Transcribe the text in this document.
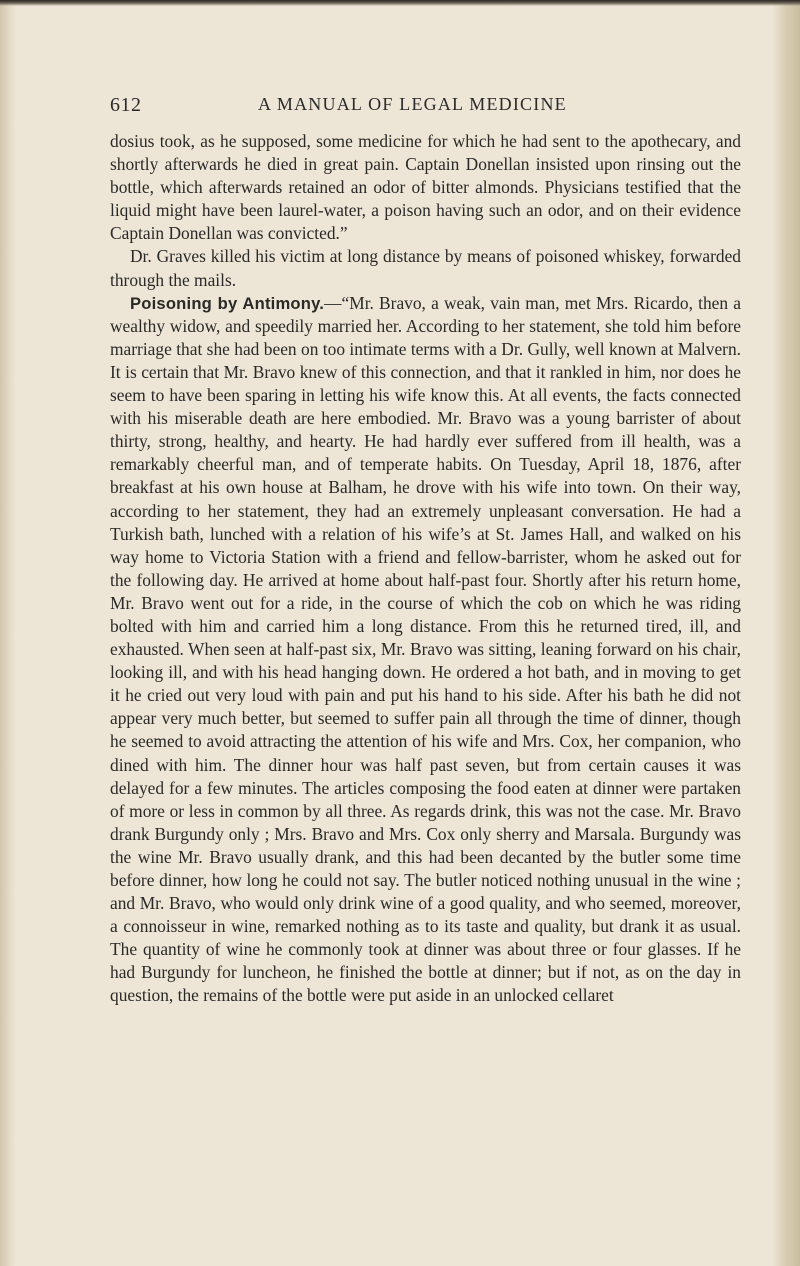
612	A MANUAL OF LEGAL MEDICINE

dosius took, as he supposed, some medicine for which he had sent to the apothecary, and shortly afterwards he died in great pain. Captain Donellan insisted upon rinsing out the bottle, which afterwards retained an odor of bitter almonds. Physicians testified that the liquid might have been laurel-water, a poison having such an odor, and on their evidence Captain Donellan was convicted.”

Dr. Graves killed his victim at long distance by means of poisoned whiskey, forwarded through the mails.

Poisoning by Antimony.—“Mr. Bravo, a weak, vain man, met Mrs. Ricardo, then a wealthy widow, and speedily married her. According to her statement, she told him before marriage that she had been on too intimate terms with a Dr. Gully, well known at Malvern. It is certain that Mr. Bravo knew of this connection, and that it rankled in him, nor does he seem to have been sparing in letting his wife know this. At all events, the facts connected with his miserable death are here embodied. Mr. Bravo was a young barrister of about thirty, strong, healthy, and hearty. He had hardly ever suffered from ill health, was a remarkably cheerful man, and of temperate habits. On Tuesday, April 18, 1876, after breakfast at his own house at Balham, he drove with his wife into town. On their way, according to her statement, they had an extremely unpleasant conversation. He had a Turkish bath, lunched with a relation of his wife’s at St. James Hall, and walked on his way home to Victoria Station with a friend and fellow-barrister, whom he asked out for the following day. He arrived at home about half-past four. Shortly after his return home, Mr. Bravo went out for a ride, in the course of which the cob on which he was riding bolted with him and carried him a long distance. From this he returned tired, ill, and exhausted. When seen at half-past six, Mr. Bravo was sitting, leaning forward on his chair, looking ill, and with his head hanging down. He ordered a hot bath, and in moving to get it he cried out very loud with pain and put his hand to his side. After his bath he did not appear very much better, but seemed to suffer pain all through the time of dinner, though he seemed to avoid attracting the attention of his wife and Mrs. Cox, her companion, who dined with him. The dinner hour was half past seven, but from certain causes it was delayed for a few minutes. The articles composing the food eaten at dinner were partaken of more or less in common by all three. As regards drink, this was not the case. Mr. Bravo drank Burgundy only ; Mrs. Bravo and Mrs. Cox only sherry and Marsala. Burgundy was the wine Mr. Bravo usually drank, and this had been decanted by the butler some time before dinner, how long he could not say. The butler noticed nothing unusual in the wine ; and Mr. Bravo, who would only drink wine of a good quality, and who seemed, moreover, a connoisseur in wine, remarked nothing as to its taste and quality, but drank it as usual. The quantity of wine he commonly took at dinner was about three or four glasses. If he had Burgundy for luncheon, he finished the bottle at dinner; but if not, as on the day in question, the remains of the bottle were put aside in an unlocked cellaret
